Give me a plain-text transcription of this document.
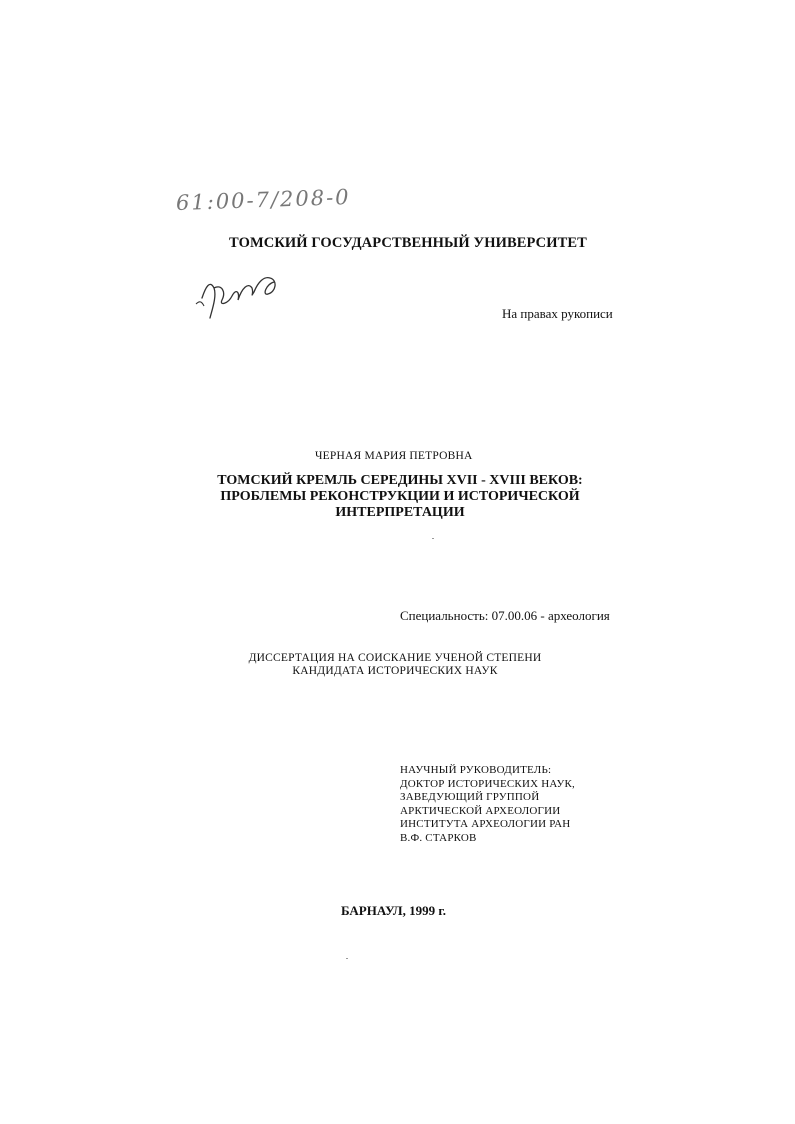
61:00-7/208-0
ТОМСКИЙ ГОСУДАРСТВЕННЫЙ УНИВЕРСИТЕТ
На правах рукописи
ЧЕРНАЯ МАРИЯ ПЕТРОВНА
ТОМСКИЙ КРЕМЛЬ СЕРЕДИНЫ XVII - XVIII ВЕКОВ:
ПРОБЛЕМЫ РЕКОНСТРУКЦИИ И ИСТОРИЧЕСКОЙ
ИНТЕРПРЕТАЦИИ
Специальность: 07.00.06 - археология
ДИССЕРТАЦИЯ НА СОИСКАНИЕ УЧЕНОЙ СТЕПЕНИ
КАНДИДАТА ИСТОРИЧЕСКИХ НАУК
НАУЧНЫЙ РУКОВОДИТЕЛЬ:
ДОКТОР ИСТОРИЧЕСКИХ НАУК,
ЗАВЕДУЮЩИЙ ГРУППОЙ
АРКТИЧЕСКОЙ АРХЕОЛОГИИ
ИНСТИТУТА АРХЕОЛОГИИ РАН
В.Ф. СТАРКОВ
БАРНАУЛ, 1999 г.
